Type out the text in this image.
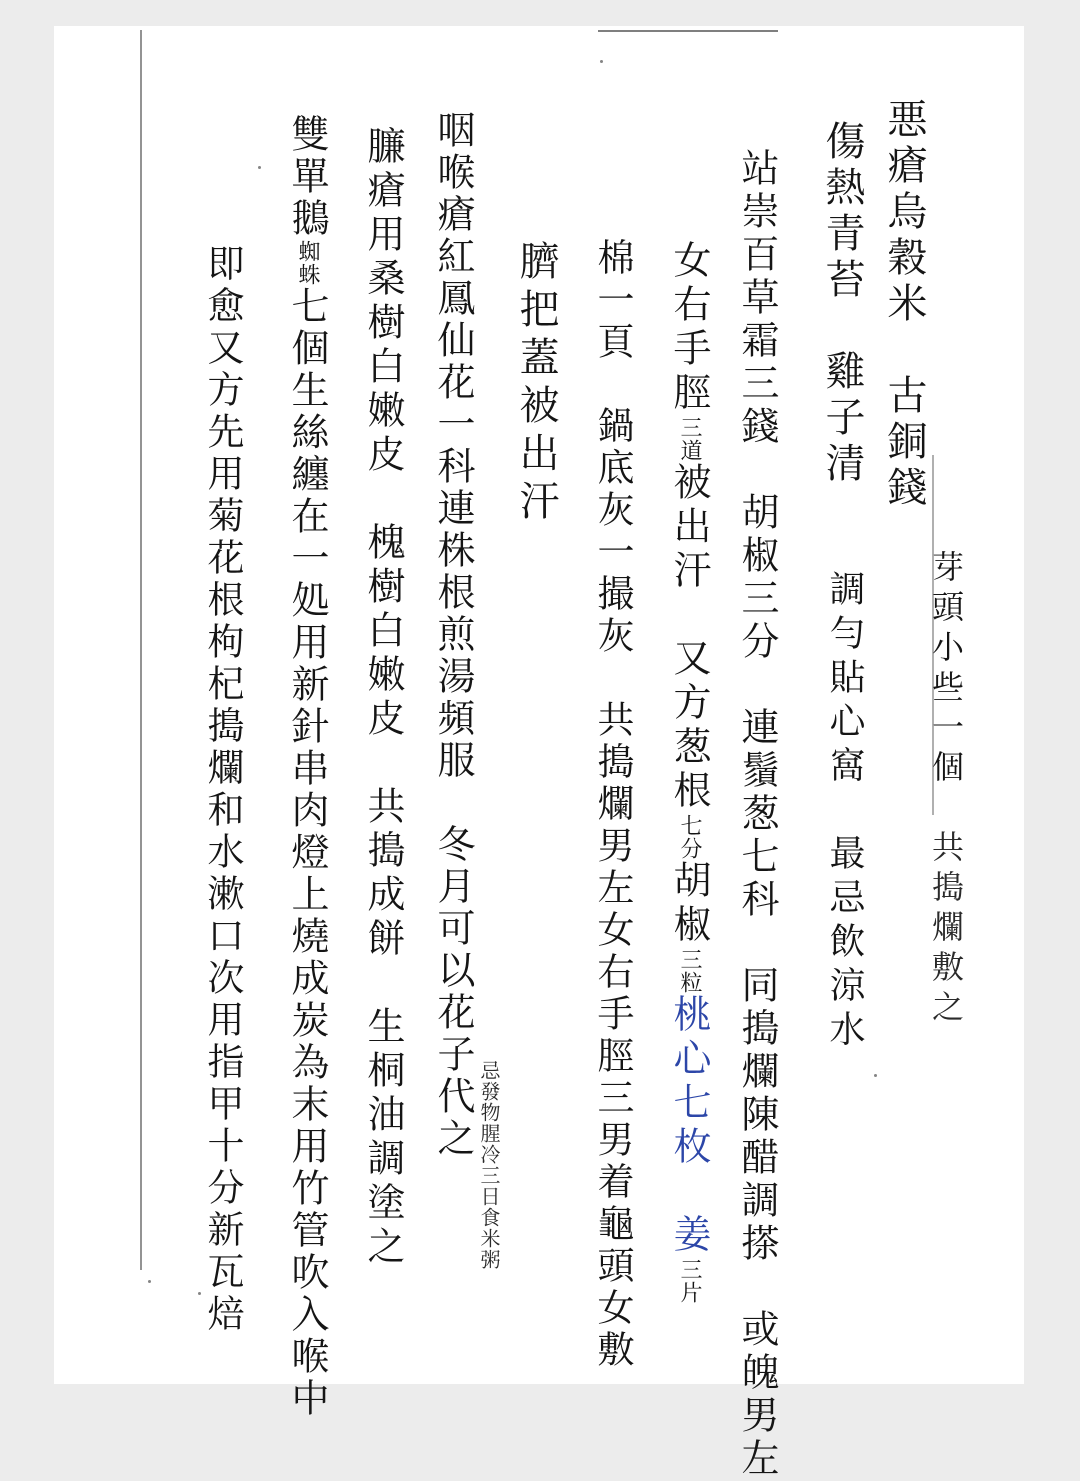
悪瘡烏穀米　古銅錢
芽頭小些一個
共搗爛敷之
傷熱青苔　雞子清
調勻貼心窩　最忌飲涼水
站崇百草霜三錢　胡椒三分　連鬚葱七科　同搗爛陳醋調搽　或魄男左
女右手脛三道被出汗　又方葱根七分胡椒三粒桃心七枚　姜三片
棉一頁　鍋底灰一撮灰　共搗爛男左女右手脛三男着龜頭女敷
臍把蓋被出汗
咽喉瘡紅鳳仙花一科連株根煎湯頻服　冬月可以花子代之
忌發物腥冷三日食米粥
臁瘡用桑樹白嫩皮　槐樹白嫩皮　共搗成餅　生桐油調塗之
雙單鵝蜘蛛七個生絲纏在一処用新針串肉燈上燒成炭為末用竹管吹入喉中
即愈又方先用菊花根枸杞搗爛和水漱口次用指甲十分新瓦焙
